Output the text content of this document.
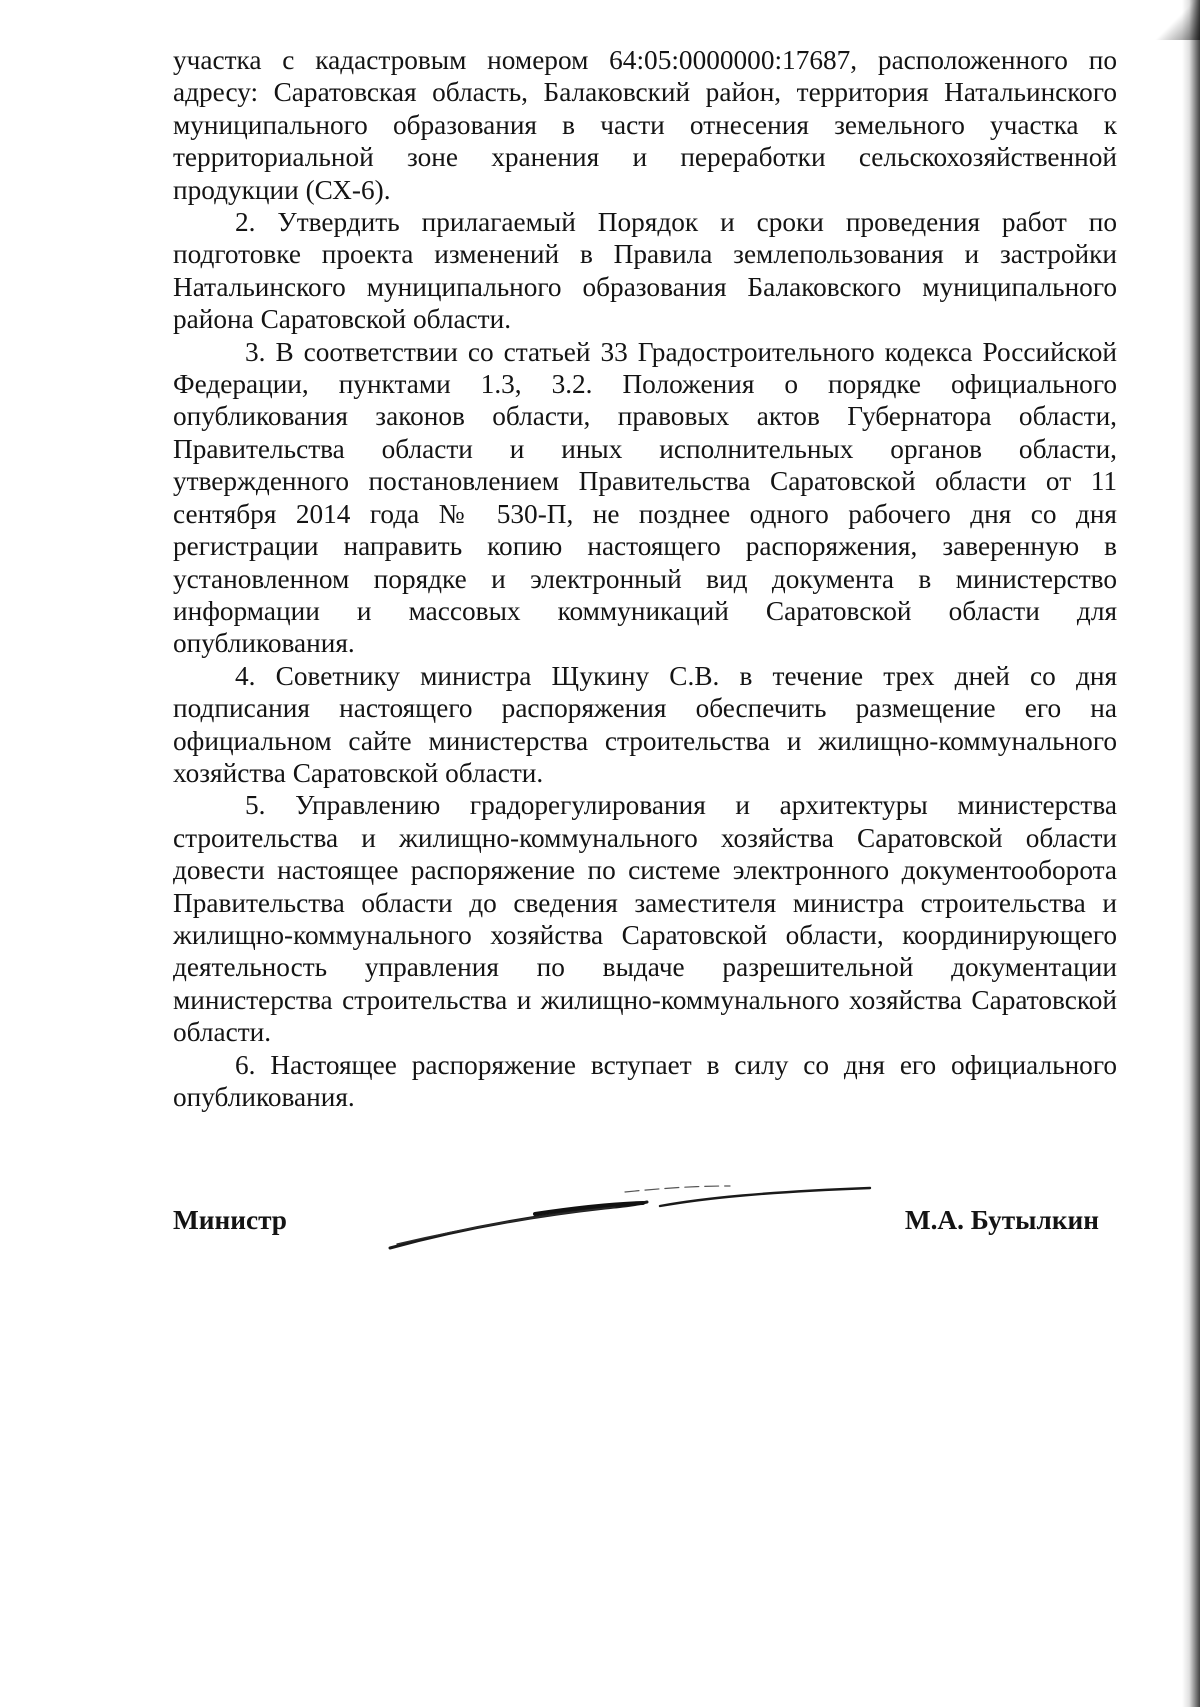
участка с кадастровым номером 64:05:0000000:17687, расположенного по адресу: Саратовская область, Балаковский район, территория Натальинского муниципального образования в части отнесения земельного участка к территориальной зоне хранения и переработки сельскохозяйственной продукции (СХ-6).

2. Утвердить прилагаемый Порядок и сроки проведения работ по подготовке проекта изменений в Правила землепользования и застройки Натальинского муниципального образования Балаковского муниципального района Саратовской области.

3. В соответствии со статьей 33 Градостроительного кодекса Российской Федерации, пунктами 1.3, 3.2. Положения о порядке официального опубликования законов области, правовых актов Губернатора области, Правительства области и иных исполнительных органов области, утвержденного постановлением Правительства Саратовской области от 11 сентября 2014 года № 530-П, не позднее одного рабочего дня со дня регистрации направить копию настоящего распоряжения, заверенную в установленном порядке и электронный вид документа в министерство информации и массовых коммуникаций Саратовской области для опубликования.

4. Советнику министра Щукину С.В. в течение трех дней со дня подписания настоящего распоряжения обеспечить размещение его на официальном сайте министерства строительства и жилищно-коммунального хозяйства Саратовской области.

5. Управлению градорегулирования и архитектуры министерства строительства и жилищно-коммунального хозяйства Саратовской области довести настоящее распоряжение по системе электронного документооборота Правительства области до сведения заместителя министра строительства и жилищно-коммунального хозяйства Саратовской области, координирующего деятельность управления по выдаче разрешительной документации министерства строительства и жилищно-коммунального хозяйства Саратовской области.

6. Настоящее распоряжение вступает в силу со дня его официального опубликования.

Министр	М.А. Бутылкин
